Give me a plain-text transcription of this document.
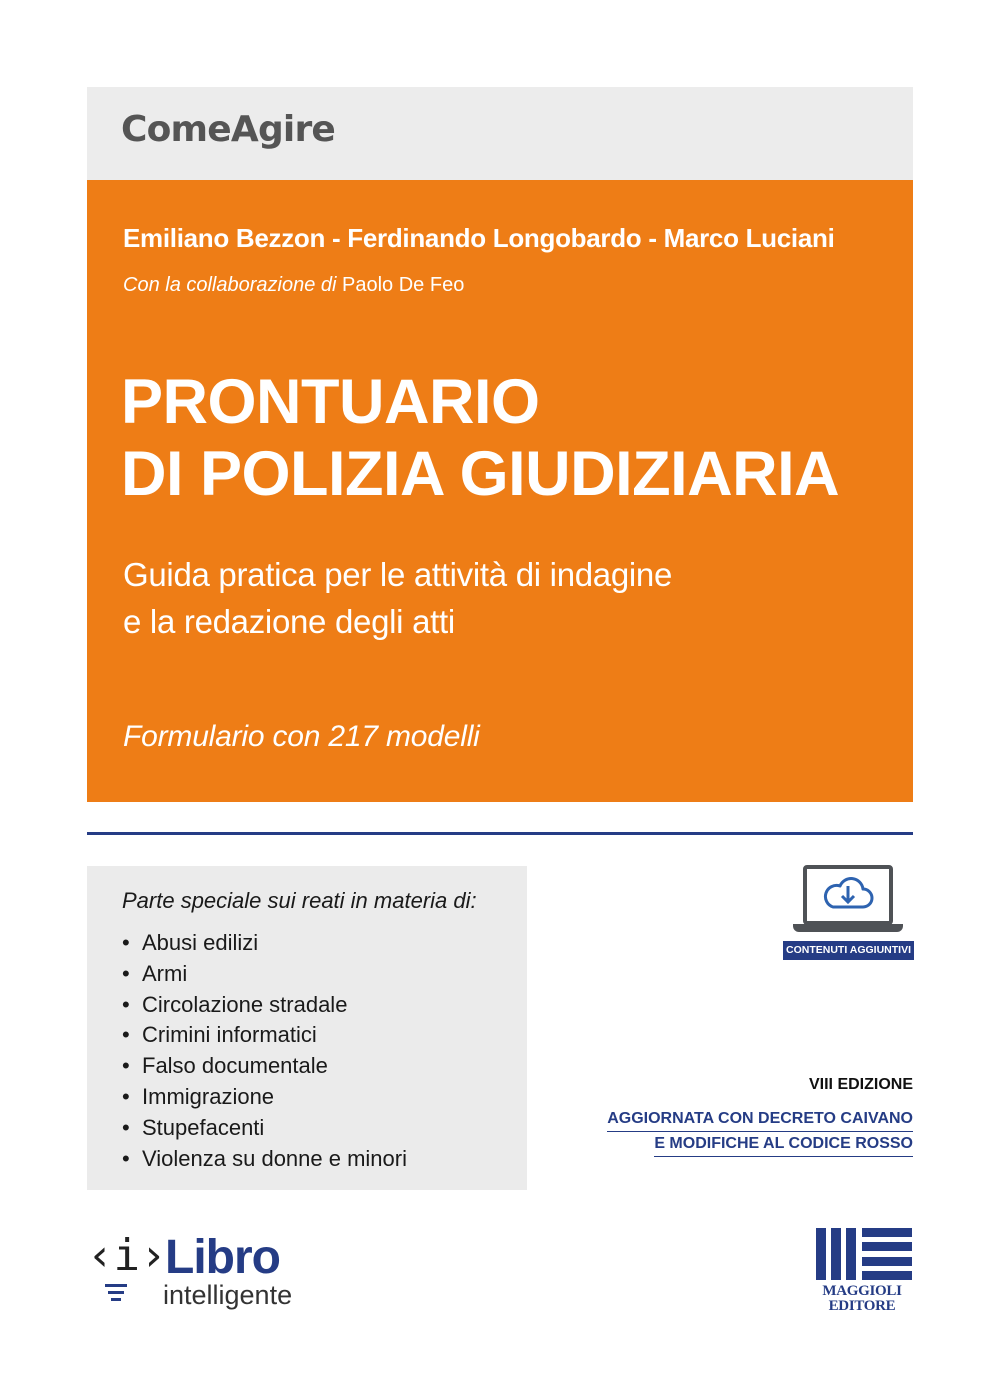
ComeAgire
Emiliano Bezzon - Ferdinando Longobardo - Marco Luciani
Con la collaborazione di Paolo De Feo
PRONTUARIO
DI POLIZIA GIUDIZIARIA
Guida pratica per le attività di indagine
e la redazione degli atti
Formulario con 217 modelli
Parte speciale sui reati in materia di:
• Abusi edilizi
• Armi
• Circolazione stradale
• Crimini informatici
• Falso documentale
• Immigrazione
• Stupefacenti
• Violenza su donne e minori
CONTENUTI AGGIUNTIVI
VIII EDIZIONE
AGGIORNATA CON DECRETO CAIVANO
E MODIFICHE AL CODICE ROSSO
‹i›
Libro
intelligente	MAGGIOLI
EDITORE
